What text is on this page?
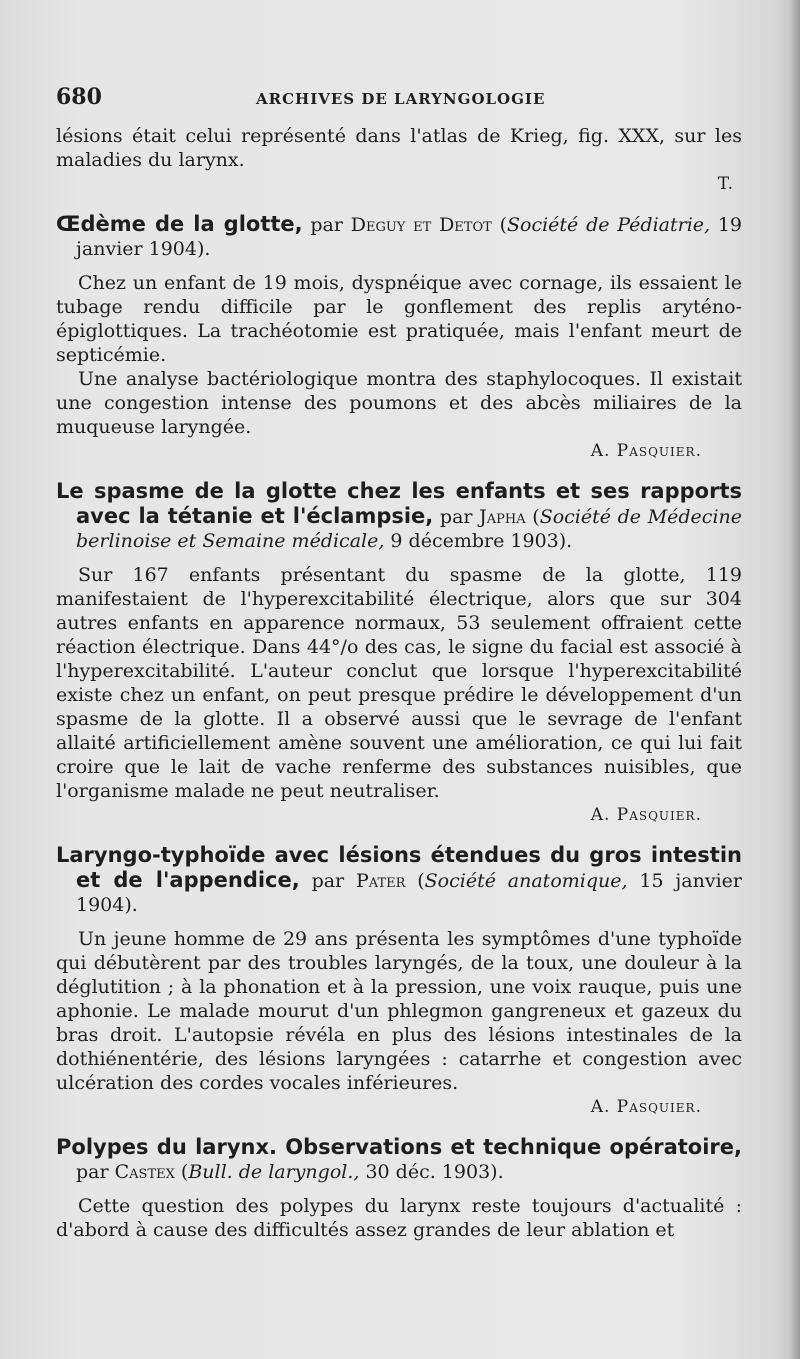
680	ARCHIVES DE LARYNGOLOGIE

lésions était celui représenté dans l'atlas de Krieg, fig. XXX, sur les maladies du larynx.

T.

Œdème de la glotte, par Deguy et Detot (Société de Pédiatrie, 19 janvier 1904).

Chez un enfant de 19 mois, dyspnéique avec cornage, ils essaient le tubage rendu difficile par le gonflement des replis aryténo-épiglottiques. La trachéotomie est pratiquée, mais l'enfant meurt de septicémie.

Une analyse bactériologique montra des staphylocoques. Il existait une congestion intense des poumons et des abcès miliaires de la muqueuse laryngée.

A. Pasquier.

Le spasme de la glotte chez les enfants et ses rapports avec la tétanie et l'éclampsie, par Japha (Société de Médecine berlinoise et Semaine médicale, 9 décembre 1903).

Sur 167 enfants présentant du spasme de la glotte, 119 manifestaient de l'hyperexcitabilité électrique, alors que sur 304 autres enfants en apparence normaux, 53 seulement offraient cette réaction électrique. Dans 44°/o des cas, le signe du facial est associé à l'hyperexcitabilité. L'auteur conclut que lorsque l'hyperexcitabilité existe chez un enfant, on peut presque prédire le développement d'un spasme de la glotte. Il a observé aussi que le sevrage de l'enfant allaité artificiellement amène souvent une amélioration, ce qui lui fait croire que le lait de vache renferme des substances nuisibles, que l'organisme malade ne peut neutraliser.

A. Pasquier.

Laryngo-typhoïde avec lésions étendues du gros intestin et de l'appendice, par Pater (Société anatomique, 15 janvier 1904).

Un jeune homme de 29 ans présenta les symptômes d'une typhoïde qui débutèrent par des troubles laryngés, de la toux, une douleur à la déglutition ; à la phonation et à la pression, une voix rauque, puis une aphonie. Le malade mourut d'un phlegmon gangreneux et gazeux du bras droit. L'autopsie révéla en plus des lésions intestinales de la dothiénentérie, des lésions laryngées : catarrhe et congestion avec ulcération des cordes vocales inférieures.

A. Pasquier.

Polypes du larynx. Observations et technique opératoire, par Castex (Bull. de laryngol., 30 déc. 1903).

Cette question des polypes du larynx reste toujours d'actualité : d'abord à cause des difficultés assez grandes de leur ablation et
